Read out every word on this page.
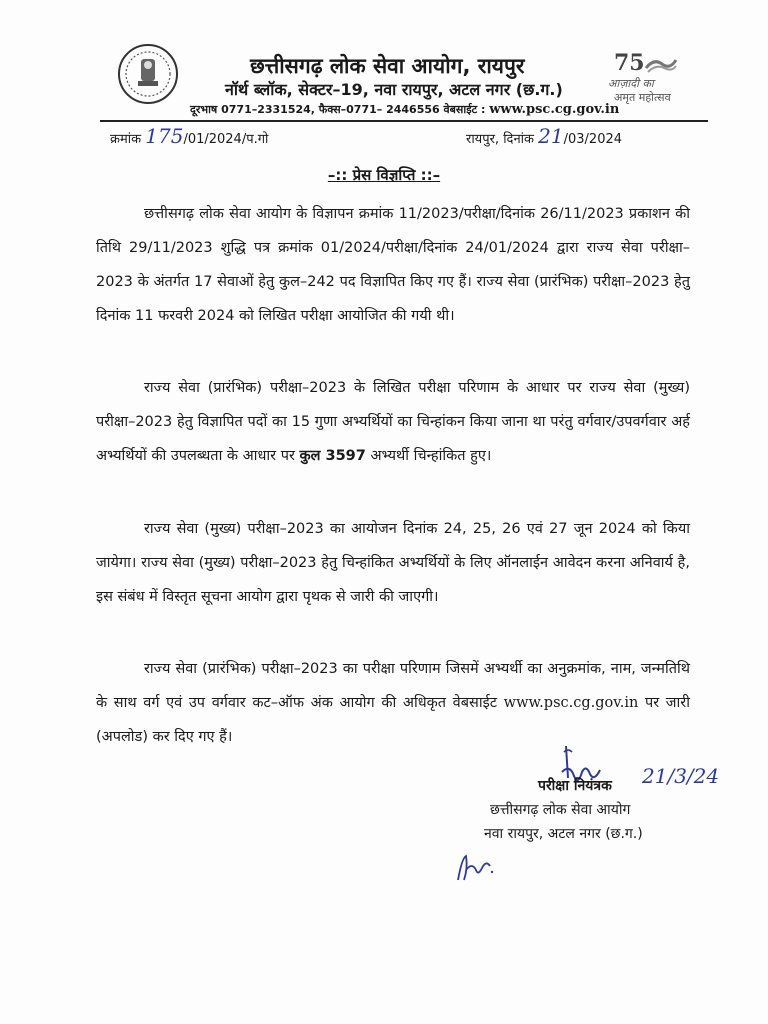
छत्तीसगढ़ लोक सेवा आयोग, रायपुर
नॉर्थ ब्लॉक, सेक्टर–19, नवा रायपुर, अटल नगर (छ.ग.)
दूरभाष 0771–2331524, फैक्स–0771– 2446556 वेबसाईट : www.psc.cg.gov.in
75
आज़ादी का
अमृत महोत्सव
क्रमांक 175/01/2024/प.गो	रायपुर, दिनांक 21/03/2024
–:: प्रेस विज्ञप्ति ::–
छत्तीसगढ़ लोक सेवा आयोग के विज्ञापन क्रमांक 11/2023/परीक्षा/दिनांक 26/11/2023 प्रकाशन की तिथि 29/11/2023 शुद्धि पत्र क्रमांक 01/2024/परीक्षा/दिनांक 24/01/2024 द्वारा राज्य सेवा परीक्षा–2023 के अंतर्गत 17 सेवाओं हेतु कुल–242 पद विज्ञापित किए गए हैं। राज्य सेवा (प्रारंभिक) परीक्षा–2023 हेतु दिनांक 11 फरवरी 2024 को लिखित परीक्षा आयोजित की गयी थी।
राज्य सेवा (प्रारंभिक) परीक्षा–2023 के लिखित परीक्षा परिणाम के आधार पर राज्य सेवा (मुख्य) परीक्षा–2023 हेतु विज्ञापित पदों का 15 गुणा अभ्यर्थियों का चिन्हांकन किया जाना था परंतु वर्गवार/उपवर्गवार अर्ह अभ्यर्थियों की उपलब्धता के आधार पर कुल 3597 अभ्यर्थी चिन्हांकित हुए।
राज्य सेवा (मुख्य) परीक्षा–2023 का आयोजन दिनांक 24, 25, 26 एवं 27 जून 2024 को किया जायेगा। राज्य सेवा (मुख्य) परीक्षा–2023 हेतु चिन्हांकित अभ्यर्थियों के लिए ऑनलाईन आवेदन करना अनिवार्य है, इस संबंध में विस्तृत सूचना आयोग द्वारा पृथक से जारी की जाएगी।
राज्य सेवा (प्रारंभिक) परीक्षा–2023 का परीक्षा परिणाम जिसमें अभ्यर्थी का अनुक्रमांक, नाम, जन्मतिथि के साथ वर्ग एवं उप वर्गवार कट–ऑफ अंक आयोग की अधिकृत वेबसाईट www.psc.cg.gov.in पर जारी (अपलोड) कर दिए गए हैं।
21/3/24
परीक्षा नियंत्रक
छत्तीसगढ़ लोक सेवा आयोग
नवा रायपुर, अटल नगर (छ.ग.)
